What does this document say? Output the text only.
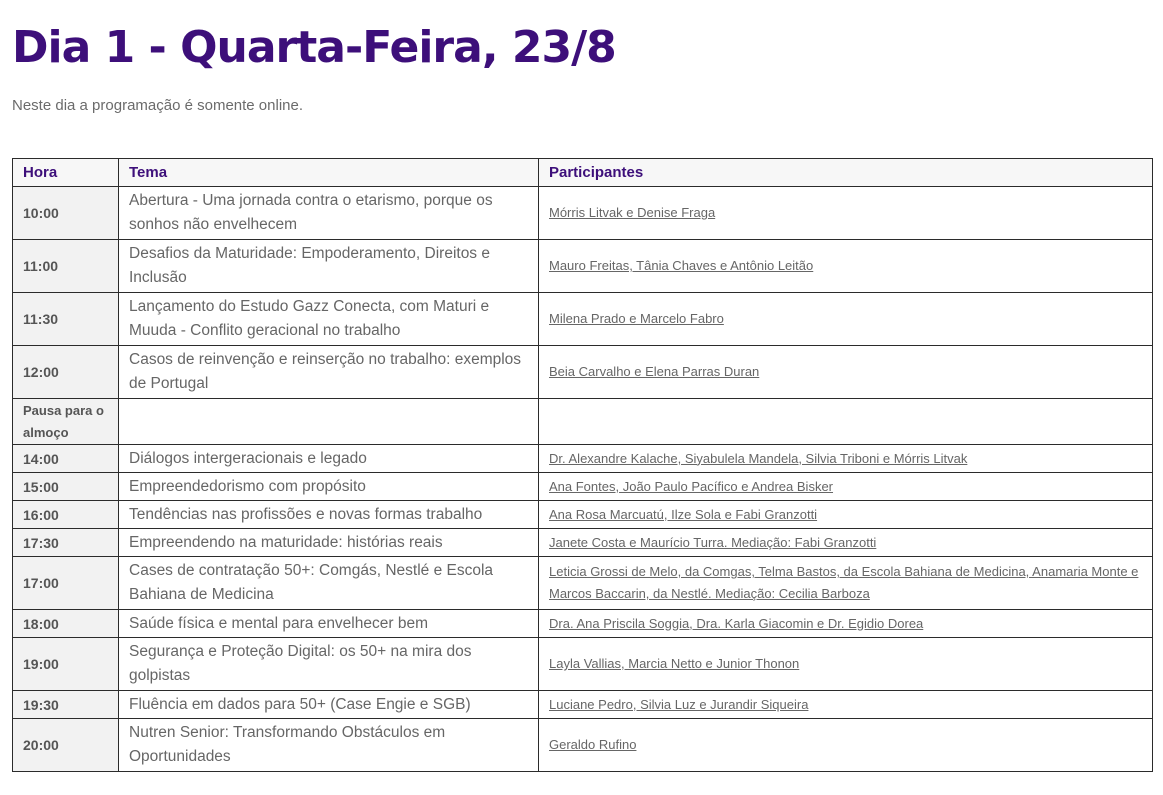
Dia 1 - Quarta-Feira, 23/8

Neste dia a programação é somente online.

Hora	Tema	Participantes
10:00	Abertura - Uma jornada contra o etarismo, porque os sonhos não envelhecem	Mórris Litvak e Denise Fraga
11:00	Desafios da Maturidade: Empoderamento, Direitos e Inclusão	Mauro Freitas, Tânia Chaves e Antônio Leitão
11:30	Lançamento do Estudo Gazz Conecta, com Maturi e Muuda - Conflito geracional no trabalho	Milena Prado e Marcelo Fabro
12:00	Casos de reinvenção e reinserção no trabalho: exemplos de Portugal	Beia Carvalho e Elena Parras Duran
Pausa para o almoço		
14:00	Diálogos intergeracionais e legado	Dr. Alexandre Kalache, Siyabulela Mandela, Silvia Triboni e Mórris Litvak
15:00	Empreendedorismo com propósito	Ana Fontes, João Paulo Pacífico e Andrea Bisker
16:00	Tendências nas profissões e novas formas trabalho	Ana Rosa Marcuatú, Ilze Sola e Fabi Granzotti
17:30	Empreendendo na maturidade: histórias reais	Janete Costa e Maurício Turra. Mediação: Fabi Granzotti
17:00	Cases de contratação 50+: Comgás, Nestlé e Escola Bahiana de Medicina	Leticia Grossi de Melo, da Comgas, Telma Bastos, da Escola Bahiana de Medicina, Anamaria Monte e Marcos Baccarin, da Nestlé. Mediação: Cecilia Barboza
18:00	Saúde física e mental para envelhecer bem	Dra. Ana Priscila Soggia, Dra. Karla Giacomin e Dr. Egidio Dorea
19:00	Segurança e Proteção Digital: os 50+ na mira dos golpistas	Layla Vallias, Marcia Netto e Junior Thonon
19:30	Fluência em dados para 50+ (Case Engie e SGB)	Luciane Pedro, Silvia Luz e Jurandir Siqueira
20:00	Nutren Senior: Transformando Obstáculos em Oportunidades	Geraldo Rufino
